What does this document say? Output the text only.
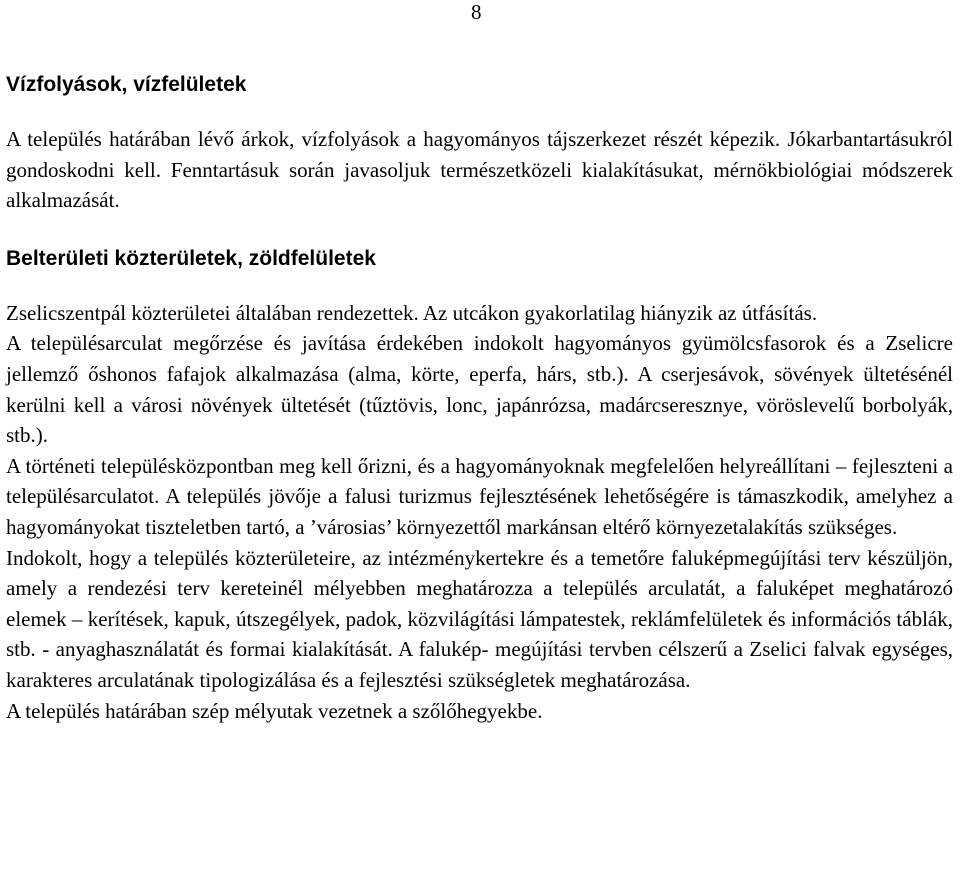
8
Vízfolyások, vízfelületek

A település határában lévő árkok, vízfolyások a hagyományos tájszerkezet részét képezik. Jókarbantartásukról gondoskodni kell. Fenntartásuk során javasoljuk természetközeli kialakításukat, mérnökbiológiai módszerek alkalmazását.

Belterületi közterületek, zöldfelületek

Zselicszentpál közterületei általában rendezettek. Az utcákon gyakorlatilag hiányzik az útfásítás.

A településarculat megőrzése és javítása érdekében indokolt hagyományos gyümölcsfasorok és a Zselicre jellemző őshonos fafajok alkalmazása (alma, körte, eperfa, hárs, stb.). A cserjesávok, sövények ültetésénél kerülni kell a városi növények ültetését (tűztövis, lonc, japánrózsa, madárcseresznye, vöröslevelű borbolyák, stb.).

A történeti településközpontban meg kell őrizni, és a hagyományoknak megfelelően helyreállítani – fejleszteni a településarculatot. A település jövője a falusi turizmus fejlesztésének lehetőségére is támaszkodik, amelyhez a hagyományokat tiszteletben tartó, a ’városias’ környezettől markánsan eltérő környezetalakítás szükséges.

Indokolt, hogy a település közterületeire, az intézménykertekre és a temetőre faluképmegújítási terv készüljön, amely a rendezési terv kereteinél mélyebben meghatározza a település arculatát, a faluképet meghatározó elemek – kerítések, kapuk, útszegélyek, padok, közvilágítási lámpatestek, reklámfelületek és információs táblák, stb. - anyaghasználatát és formai kialakítását. A falukép- megújítási tervben célszerű a Zselici falvak egységes, karakteres arculatának tipologizálása és a fejlesztési szükségletek meghatározása.

A település határában szép mélyutak vezetnek a szőlőhegyekbe.
